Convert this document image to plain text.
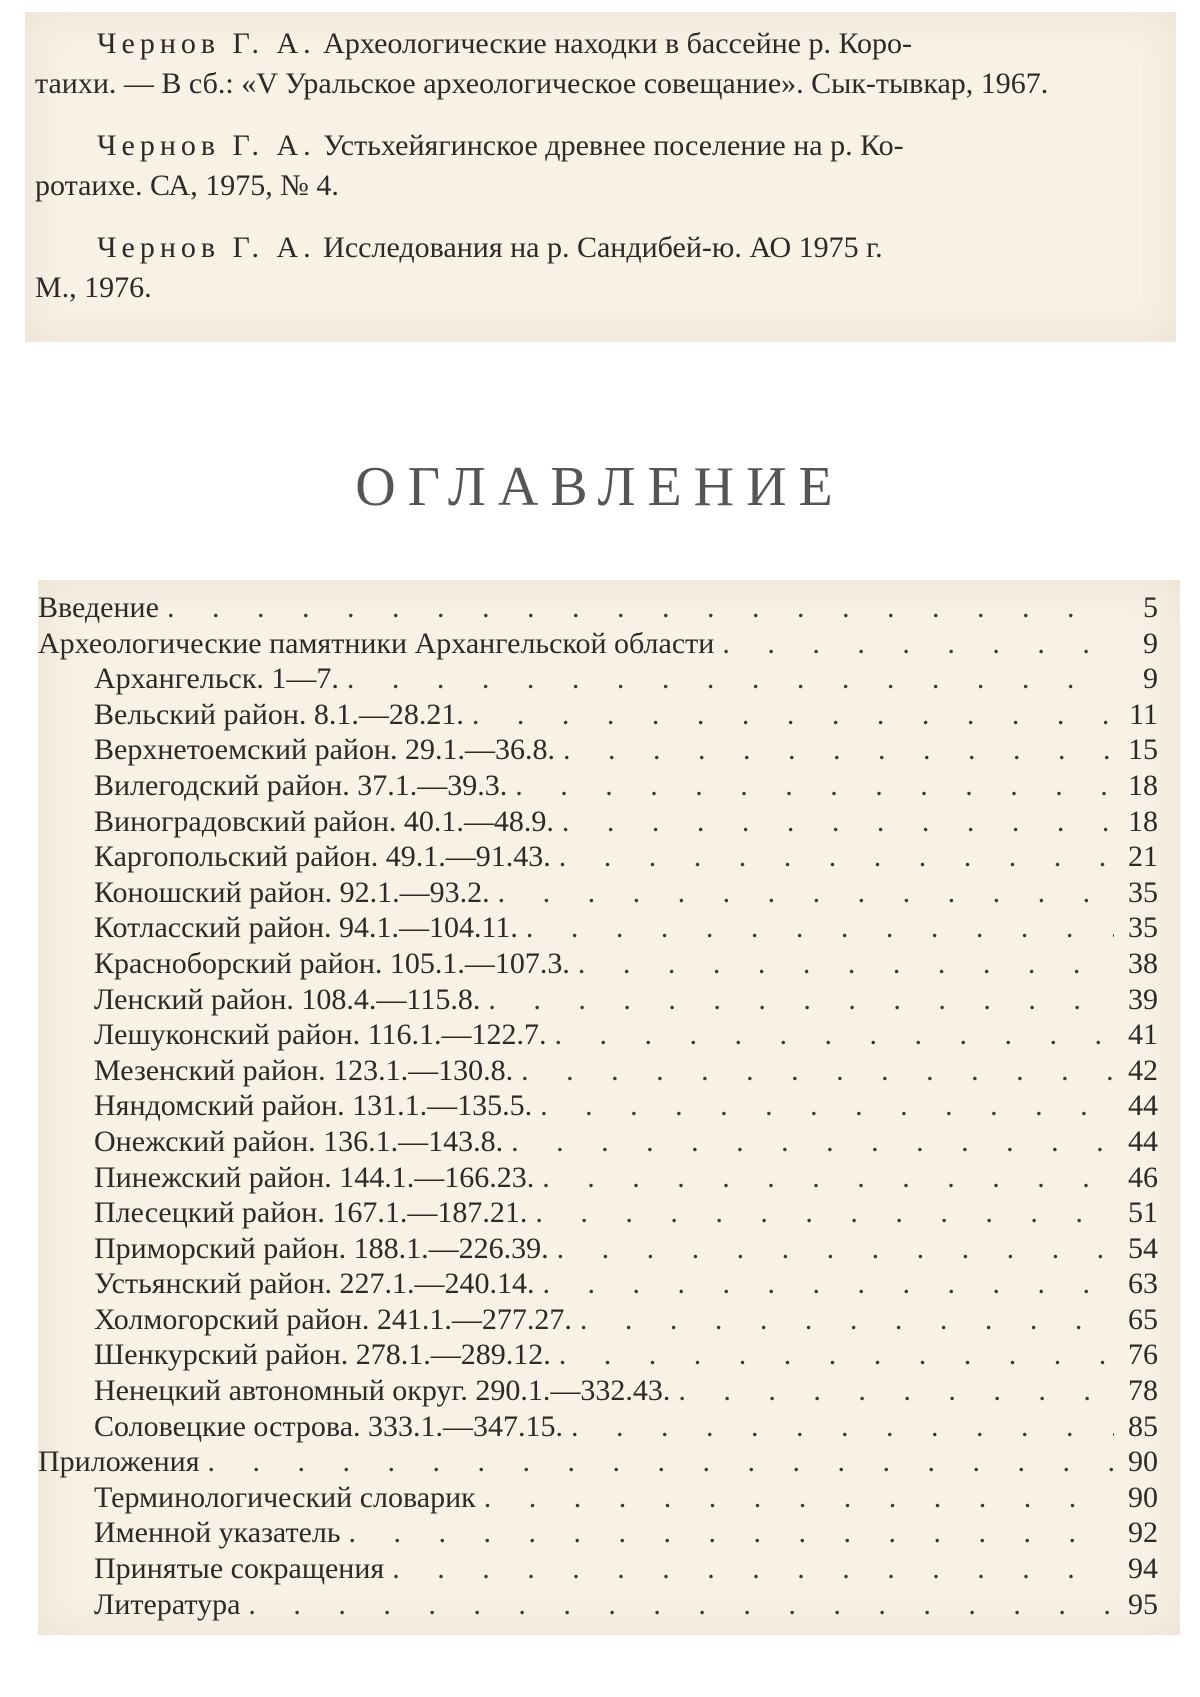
Чернов Г. А. Археологические находки в бассейне р. Коро-
таихи. — В сб.: «V Уральское археологическое совещание». Сык-тывкар, 1967.
Чернов Г. А. Устьхейягинское древнее поселение на р. Ко-
ротаихе. СА, 1975, № 4.
Чернов Г. А. Исследования на р. Сандибей-ю. АО 1975 г.
М., 1976.
ОГЛАВЛЕНИЕ
Введение . . .	5
Археологические памятники Архангельской области . . .	9
Архангельск. 1—7. . . .	9
Вельский район. 8.1.—28.21. . . .	11
Верхнетоемский район. 29.1.—36.8. . . .	15
Вилегодский район. 37.1.—39.3. . . .	18
Виноградовский район. 40.1.—48.9. . . .	18
Каргопольский район. 49.1.—91.43. . . .	21
Коношский район. 92.1.—93.2. . . .	35
Котласский район. 94.1.—104.11. . . .	35
Красноборский район. 105.1.—107.3. . . .	38
Ленский район. 108.4.—115.8. . . .	39
Лешуконский район. 116.1.—122.7. . . .	41
Мезенский район. 123.1.—130.8. . . .	42
Няндомский район. 131.1.—135.5. . . .	44
Онежский район. 136.1.—143.8. . . .	44
Пинежский район. 144.1.—166.23. . . .	46
Плесецкий район. 167.1.—187.21. . . .	51
Приморский район. 188.1.—226.39. . . .	54
Устьянский район. 227.1.—240.14. . . .	63
Холмогорский район. 241.1.—277.27. . . .	65
Шенкурский район. 278.1.—289.12. . . .	76
Ненецкий автономный округ. 290.1.—332.43. . . .	78
Соловецкие острова. 333.1.—347.15. . . .	85
Приложения . . .	90
Терминологический словарик . . .	90
Именной указатель . . .	92
Принятые сокращения . . .	94
Литература . . .	95
